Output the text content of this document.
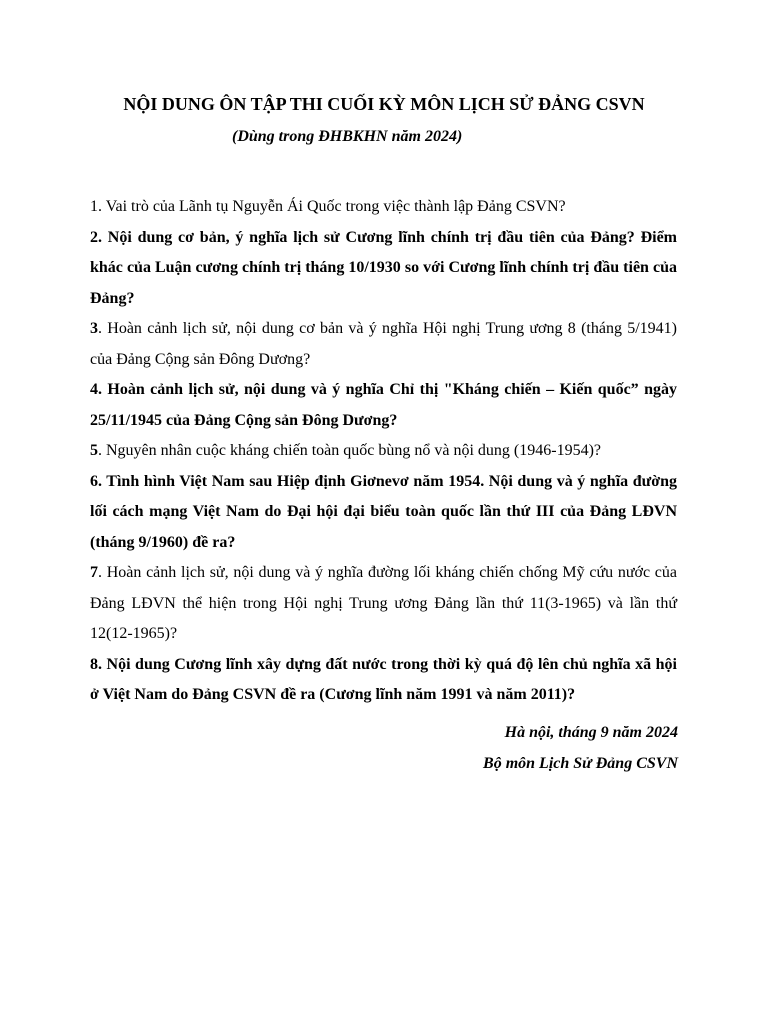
NỘI DUNG ÔN TẬP THI CUỐI KỲ MÔN LỊCH SỬ ĐẢNG CSVN
(Dùng trong ĐHBKHN năm 2024)

1. Vai trò của Lãnh tụ Nguyễn Ái Quốc trong việc thành lập Đảng CSVN?

2. Nội dung cơ bản, ý nghĩa lịch sử Cương lĩnh chính trị đầu tiên của Đảng? Điểm khác của Luận cương chính trị tháng 10/1930 so với Cương lĩnh chính trị đầu tiên của Đảng?

3. Hoàn cảnh lịch sử, nội dung cơ bản và ý nghĩa Hội nghị Trung ương 8 (tháng 5/1941) của Đảng Cộng sản Đông Dương?

4. Hoàn cảnh lịch sử, nội dung và ý nghĩa Chỉ thị "Kháng chiến – Kiến quốc” ngày 25/11/1945 của Đảng Cộng sản Đông Dương?

5. Nguyên nhân cuộc kháng chiến toàn quốc bùng nổ và nội dung (1946-1954)?

6. Tình hình Việt Nam sau Hiệp định Giơnevơ năm 1954. Nội dung và ý nghĩa đường lối cách mạng Việt Nam do Đại hội đại biểu toàn quốc lần thứ III của Đảng LĐVN (tháng 9/1960) đề ra?

7. Hoàn cảnh lịch sử, nội dung và ý nghĩa đường lối kháng chiến chống Mỹ cứu nước của Đảng LĐVN thể hiện trong Hội nghị Trung ương Đảng lần thứ 11(3-1965) và lần thứ 12(12-1965)?

8. Nội dung Cương lĩnh xây dựng đất nước trong thời kỳ quá độ lên chủ nghĩa xã hội ở Việt Nam do Đảng CSVN đề ra (Cương lĩnh năm 1991 và năm 2011)?

Hà nội, tháng 9 năm 2024
Bộ môn Lịch Sử Đảng CSVN
